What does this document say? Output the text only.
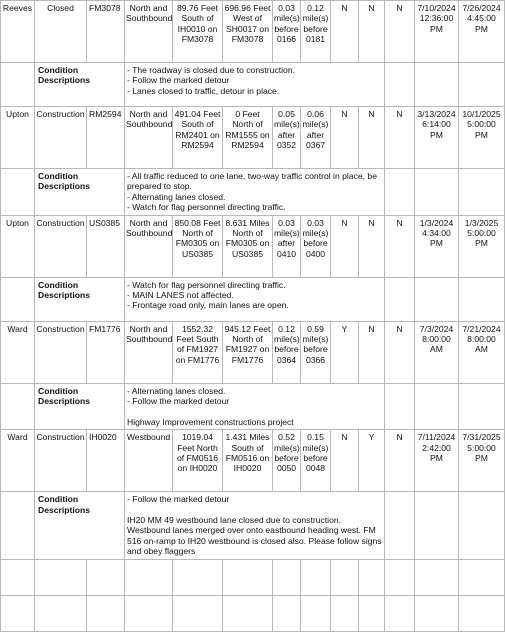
Reeves	Closed	FM3078	North and Southbound	89.76 Feet South of IH0010 on FM3078	696.96 Feet West of SH0017 on FM3078	0.03 mile(s) before 0166	0.12 mile(s) before 0181	N	N	N	7/10/2024 12:36:00 PM	7/26/2024 4:45:00 PM
	Condition Descriptions		- The roadway is closed due to construction.
- Follow the marked detour
- Lanes closed to traffic, detour in place.									
Upton	Construction	RM2594	North and Southbound	491.04 Feet South of RM2401 on RM2594	0 Feet North of RM1555 on RM2594	0.05 mile(s) after 0352	0.06 mile(s) after 0367	N	N	N	3/13/2024 6:14:00 PM	10/1/2025 5:00:00 PM
	Condition Descriptions		- All traffic reduced to one lane, two-way traffic control in place, be prepared to stop.
- Alternating lanes closed.
- Watch for flag personnel directing traffic.									
Upton	Construction	US0385	North and Southbound	850.08 Feet North of FM0305 on US0385	8.631 Miles North of FM0305 on US0385	0.03 mile(s) after 0410	0.03 mile(s) before 0400	N	N	N	1/3/2024 4:34:00 PM	1/3/2025 5:00:00 PM
	Condition Descriptions		- Watch for flag personnel directing traffic.
- MAIN LANES not affected.
- Frontage road only, main lanes are open.									
Ward	Construction	FM1776	North and Southbound	1552.32 Feet South of FM1927 on FM1776	945.12 Feet North of FM1927 on FM1776	0.12 mile(s) before 0364	0.59 mile(s) before 0366	Y	N	N	7/3/2024 8:00:00 AM	7/21/2024 8:00:00 AM
	Condition Descriptions		- Alternating lanes closed.
- Follow the marked detour

Highway Improvement constructions project									
Ward	Construction	IH0020	Westbound	1019.04 Feet North of FM0516 on IH0020	1.431 Miles South of FM0516 on IH0020	0.52 mile(s) before 0050	0.15 mile(s) before 0048	N	Y	N	7/11/2024 2:42:00 PM	7/31/2025 5:00:00 PM
	Condition Descriptions		- Follow the marked detour

IH20 MM 49 westbound lane closed due to construction. Westbound lanes merged over onto eastbound heading west. FM 516 on-ramp to IH20 westbound is closed also. Please follow signs and obey flaggers									
